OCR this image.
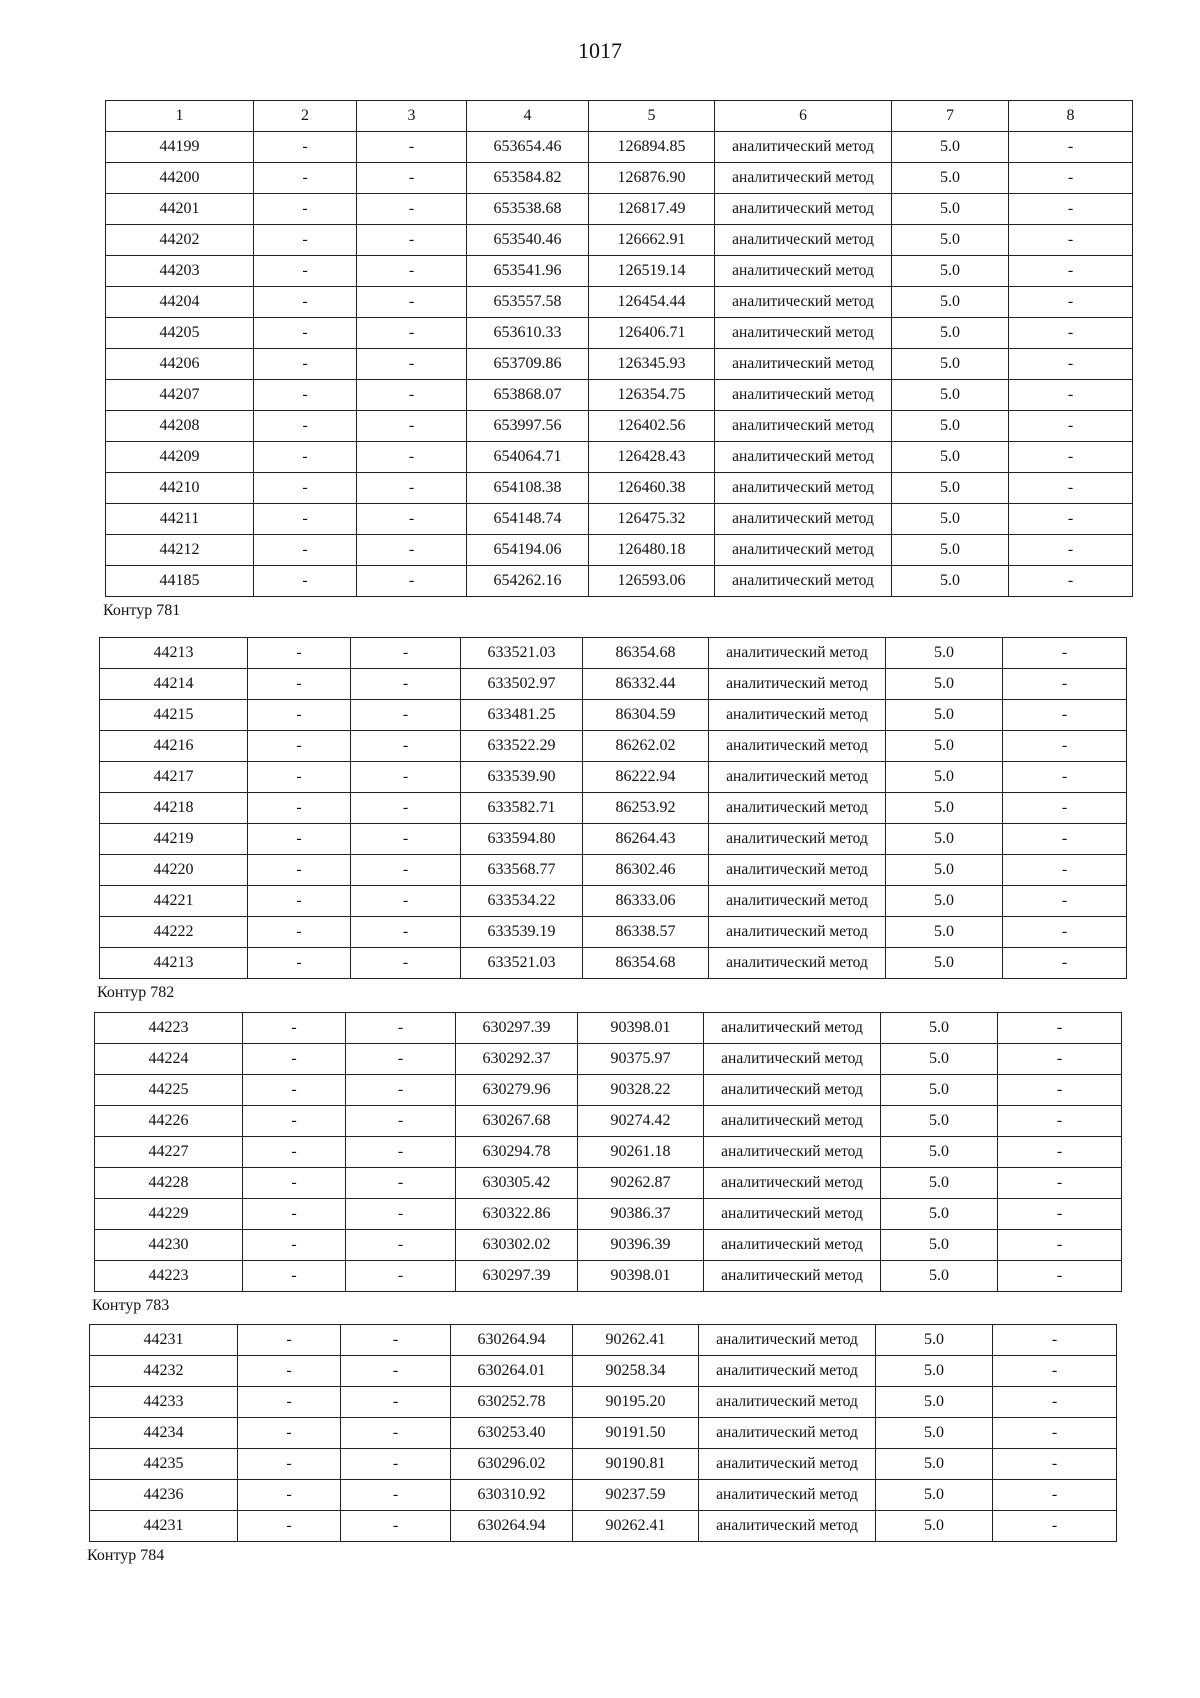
1017
1	2	3	4	5	6	7	8
44199	-	-	653654.46	126894.85	аналитический метод	5.0	-
44200	-	-	653584.82	126876.90	аналитический метод	5.0	-
44201	-	-	653538.68	126817.49	аналитический метод	5.0	-
44202	-	-	653540.46	126662.91	аналитический метод	5.0	-
44203	-	-	653541.96	126519.14	аналитический метод	5.0	-
44204	-	-	653557.58	126454.44	аналитический метод	5.0	-
44205	-	-	653610.33	126406.71	аналитический метод	5.0	-
44206	-	-	653709.86	126345.93	аналитический метод	5.0	-
44207	-	-	653868.07	126354.75	аналитический метод	5.0	-
44208	-	-	653997.56	126402.56	аналитический метод	5.0	-
44209	-	-	654064.71	126428.43	аналитический метод	5.0	-
44210	-	-	654108.38	126460.38	аналитический метод	5.0	-
44211	-	-	654148.74	126475.32	аналитический метод	5.0	-
44212	-	-	654194.06	126480.18	аналитический метод	5.0	-
44185	-	-	654262.16	126593.06	аналитический метод	5.0	-
Контур 781
44213	-	-	633521.03	86354.68	аналитический метод	5.0	-
44214	-	-	633502.97	86332.44	аналитический метод	5.0	-
44215	-	-	633481.25	86304.59	аналитический метод	5.0	-
44216	-	-	633522.29	86262.02	аналитический метод	5.0	-
44217	-	-	633539.90	86222.94	аналитический метод	5.0	-
44218	-	-	633582.71	86253.92	аналитический метод	5.0	-
44219	-	-	633594.80	86264.43	аналитический метод	5.0	-
44220	-	-	633568.77	86302.46	аналитический метод	5.0	-
44221	-	-	633534.22	86333.06	аналитический метод	5.0	-
44222	-	-	633539.19	86338.57	аналитический метод	5.0	-
44213	-	-	633521.03	86354.68	аналитический метод	5.0	-
Контур 782
44223	-	-	630297.39	90398.01	аналитический метод	5.0	-
44224	-	-	630292.37	90375.97	аналитический метод	5.0	-
44225	-	-	630279.96	90328.22	аналитический метод	5.0	-
44226	-	-	630267.68	90274.42	аналитический метод	5.0	-
44227	-	-	630294.78	90261.18	аналитический метод	5.0	-
44228	-	-	630305.42	90262.87	аналитический метод	5.0	-
44229	-	-	630322.86	90386.37	аналитический метод	5.0	-
44230	-	-	630302.02	90396.39	аналитический метод	5.0	-
44223	-	-	630297.39	90398.01	аналитический метод	5.0	-
Контур 783
44231	-	-	630264.94	90262.41	аналитический метод	5.0	-
44232	-	-	630264.01	90258.34	аналитический метод	5.0	-
44233	-	-	630252.78	90195.20	аналитический метод	5.0	-
44234	-	-	630253.40	90191.50	аналитический метод	5.0	-
44235	-	-	630296.02	90190.81	аналитический метод	5.0	-
44236	-	-	630310.92	90237.59	аналитический метод	5.0	-
44231	-	-	630264.94	90262.41	аналитический метод	5.0	-
Контур 784
